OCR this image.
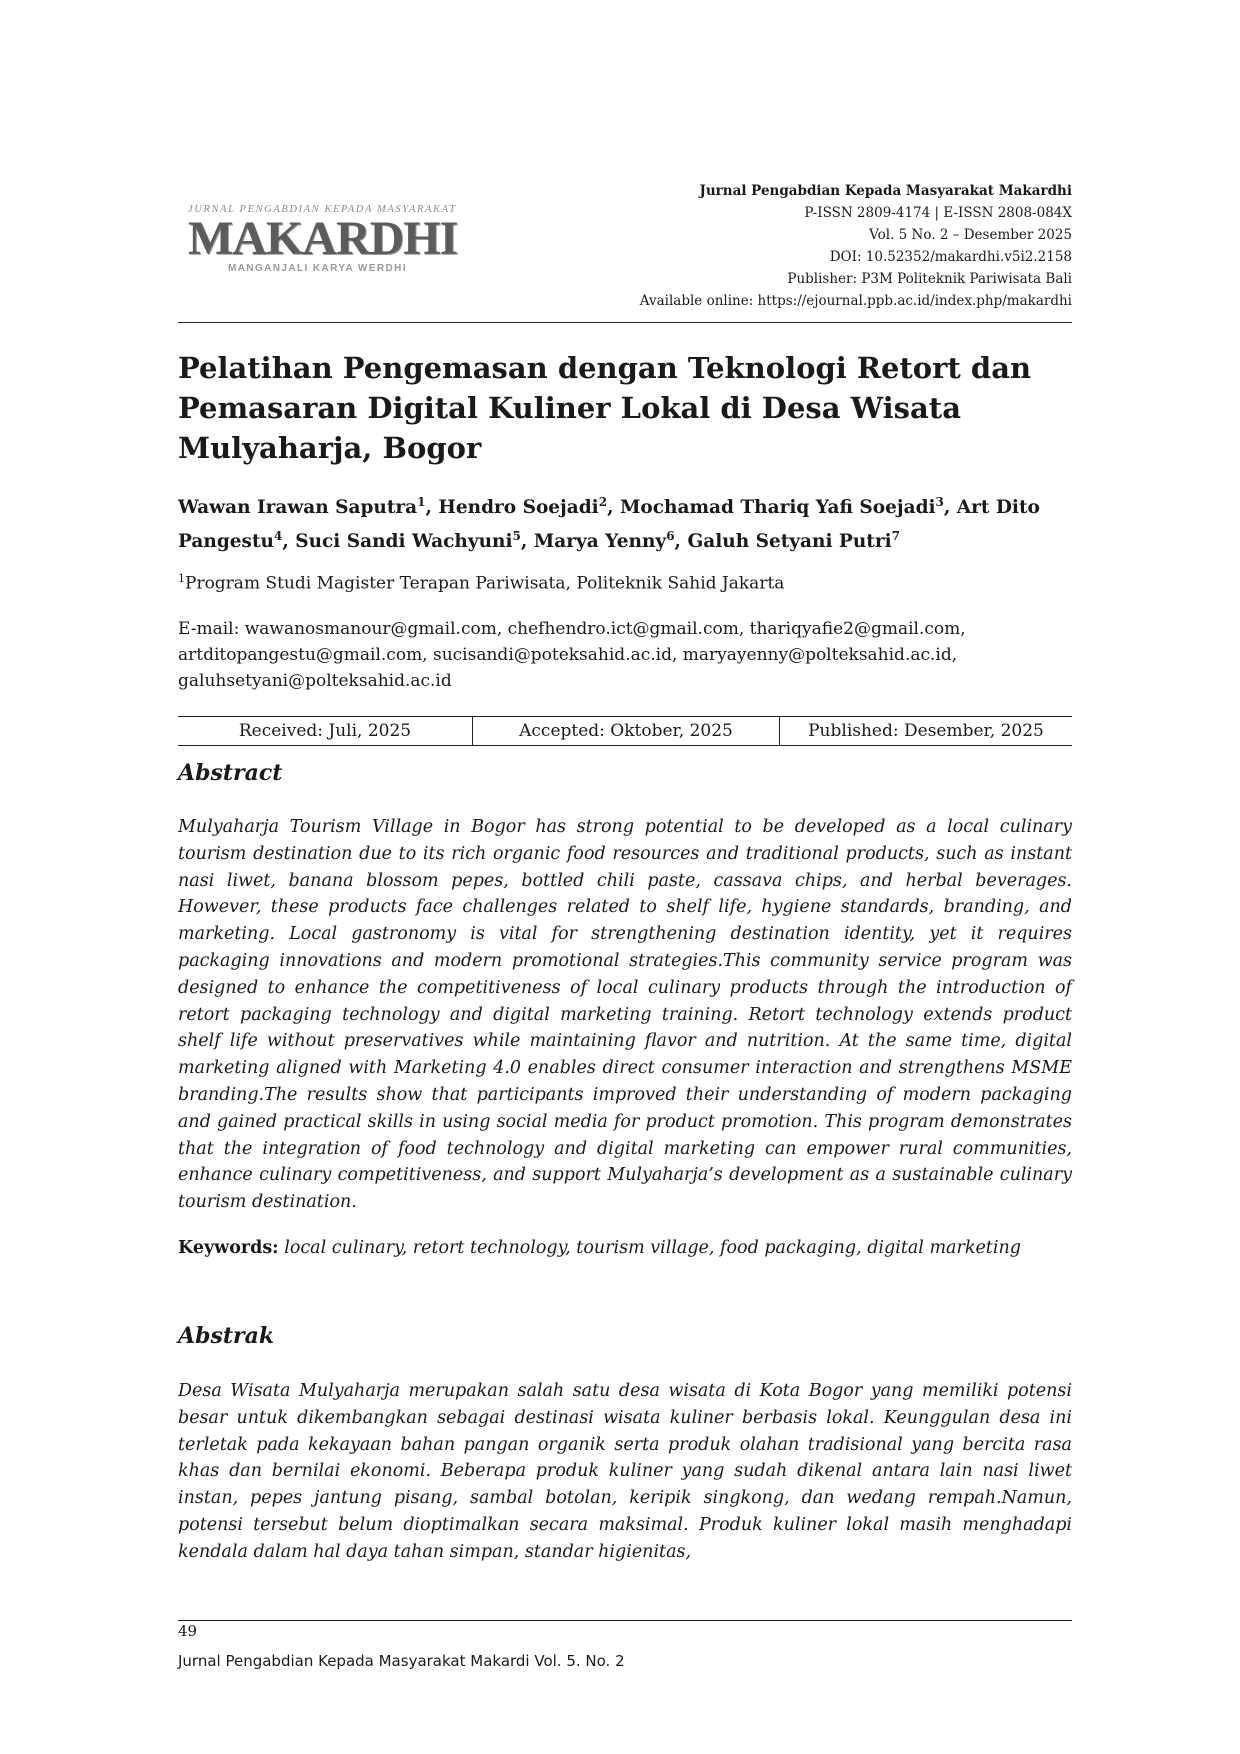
JURNAL PENGABDIAN KEPADA MASYARAKAT
MAKARDHI
MANGANJALI KARYA WERDHI
Jurnal Pengabdian Kepada Masyarakat Makardhi
P-ISSN 2809-4174 | E-ISSN 2808-084X
Vol. 5 No. 2 – Desember 2025
DOI: 10.52352/makardhi.v5i2.2158
Publisher: P3M Politeknik Pariwisata Bali
Available online: https://ejournal.ppb.ac.id/index.php/makardhi
Pelatihan Pengemasan dengan Teknologi Retort dan Pemasaran Digital Kuliner Lokal di Desa Wisata Mulyaharja, Bogor

Wawan Irawan Saputra$^1$, Hendro Soejadi$^2$, Mochamad Thariq Yafi Soejadi$^3$, Art Dito Pangestu$^4$, Suci Sandi Wachyuni$^5$, Marya Yenny$^6$, Galuh Setyani Putri$^7$

$^1$Program Studi Magister Terapan Pariwisata, Politeknik Sahid Jakarta
E-mail: wawanosmanour@gmail.com, chefhendro.ict@gmail.com, thariqyafie2@gmail.com, artditopangestu@gmail.com, sucisandi@poteksahid.ac.id, maryayenny@polteksahid.ac.id, galuhsetyani@polteksahid.ac.id
Received: Juli, 2025	Accepted: Oktober, 2025	Published: Desember, 2025
Abstract

Mulyaharja Tourism Village in Bogor has strong potential to be developed as a local culinary tourism destination due to its rich organic food resources and traditional products, such as instant nasi liwet, banana blossom pepes, bottled chili paste, cassava chips, and herbal beverages. However, these products face challenges related to shelf life, hygiene standards, branding, and marketing. Local gastronomy is vital for strengthening destination identity, yet it requires packaging innovations and modern promotional strategies.This community service program was designed to enhance the competitiveness of local culinary products through the introduction of retort packaging technology and digital marketing training. Retort technology extends product shelf life without preservatives while maintaining flavor and nutrition. At the same time, digital marketing aligned with Marketing 4.0 enables direct consumer interaction and strengthens MSME branding.The results show that participants improved their understanding of modern packaging and gained practical skills in using social media for product promotion. This program demonstrates that the integration of food technology and digital marketing can empower rural communities, enhance culinary competitiveness, and support Mulyaharja’s development as a sustainable culinary tourism destination.

Keywords: local culinary, retort technology, tourism village, food packaging, digital marketing

Abstrak

Desa Wisata Mulyaharja merupakan salah satu desa wisata di Kota Bogor yang memiliki potensi besar untuk dikembangkan sebagai destinasi wisata kuliner berbasis lokal. Keunggulan desa ini terletak pada kekayaan bahan pangan organik serta produk olahan tradisional yang bercita rasa khas dan bernilai ekonomi. Beberapa produk kuliner yang sudah dikenal antara lain nasi liwet instan, pepes jantung pisang, sambal botolan, keripik singkong, dan wedang rempah.Namun, potensi tersebut belum dioptimalkan secara maksimal. Produk kuliner lokal masih menghadapi kendala dalam hal daya tahan simpan, standar higienitas,

49
Jurnal Pengabdian Kepada Masyarakat Makardi Vol. 5. No. 2
